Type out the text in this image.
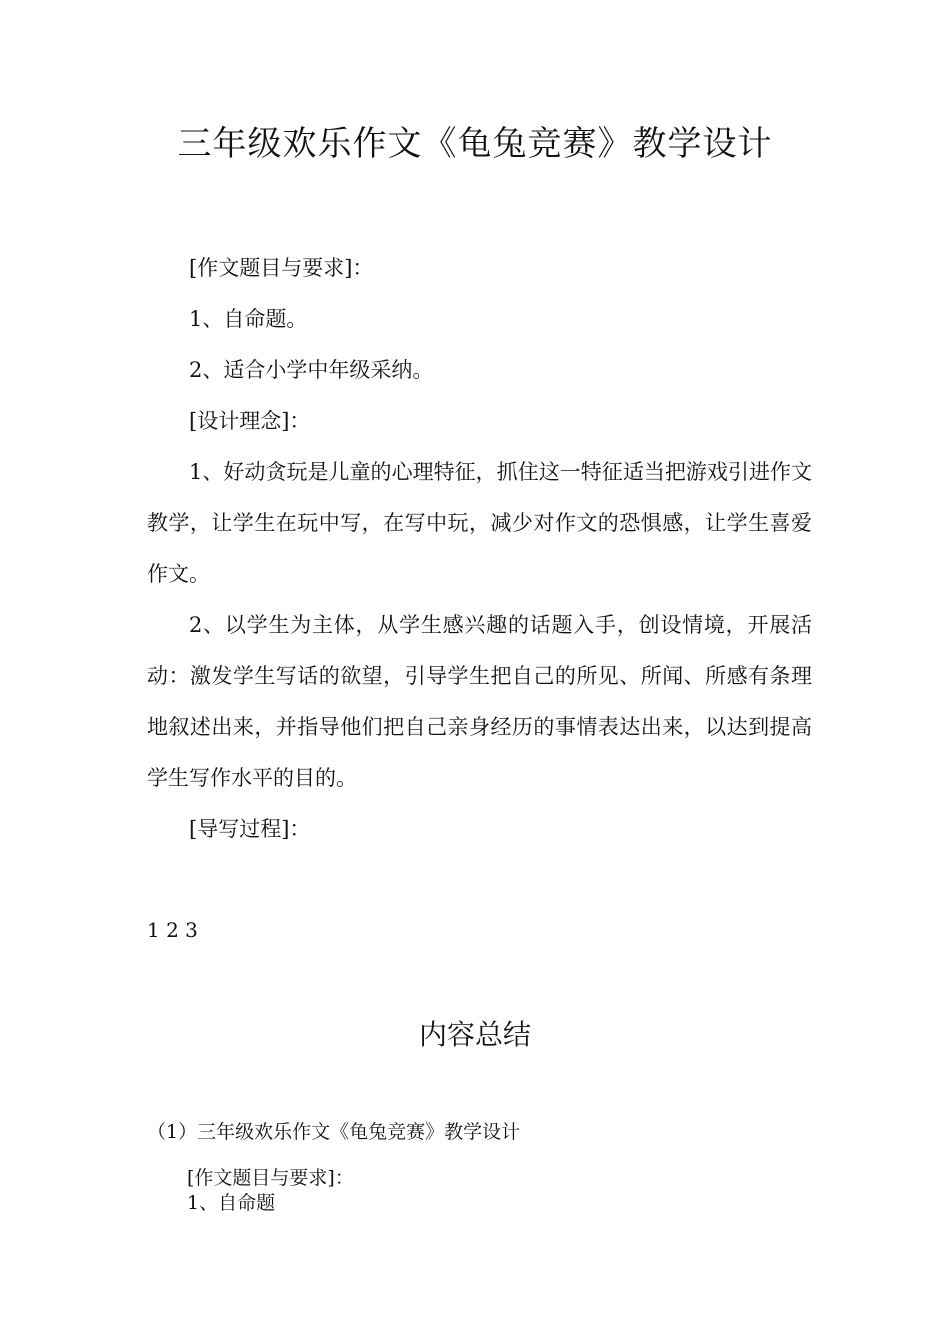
三年级欢乐作文《龟兔竞赛》教学设计

[作文题目与要求]：

1、自命题。

2、适合小学中年级采纳。

[设计理念]：

1、好动贪玩是儿童的心理特征，抓住这一特征适当把游戏引进作文教学，让学生在玩中写，在写中玩，减少对作文的恐惧感，让学生喜爱作文。

2、以学生为主体，从学生感兴趣的话题入手，创设情境，开展活动：激发学生写话的欲望，引导学生把自己的所见、所闻、所感有条理地叙述出来，并指导他们把自己亲身经历的事情表达出来，以达到提高学生写作水平的目的。

[导写过程]：

1 2 3
内容总结
（1）三年级欢乐作文《龟兔竞赛》教学设计
[作文题目与要求]：
1、自命题
